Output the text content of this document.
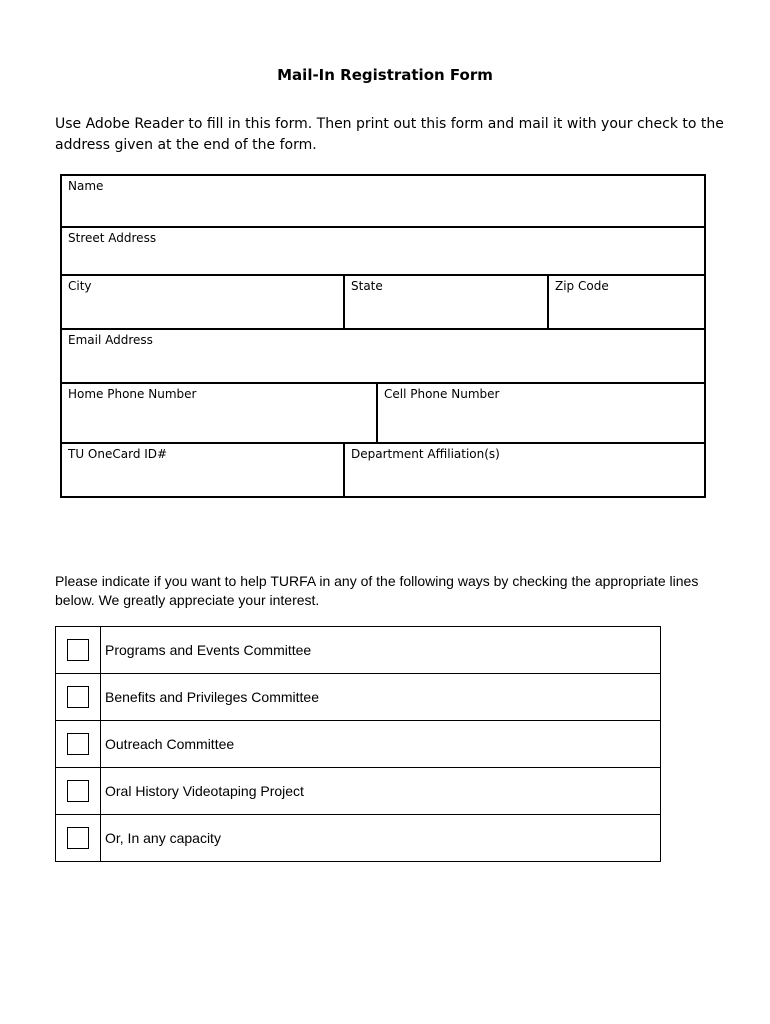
Mail-In Registration Form

Use Adobe Reader to fill in this form. Then print out this form and mail it with your check to the address given at the end of the form.

Name			
Street Address			
City	State		Zip Code
Email Address			
Home Phone Number		Cell Phone Number	
TU OneCard ID#	Department Affiliation(s)		

Please indicate if you want to help TURFA in any of the following ways by checking the appropriate lines below. We greatly appreciate your interest.

	Programs and Events Committee
	Benefits and Privileges Committee
	Outreach Committee
	Oral History Videotaping Project
	Or, In any capacity
